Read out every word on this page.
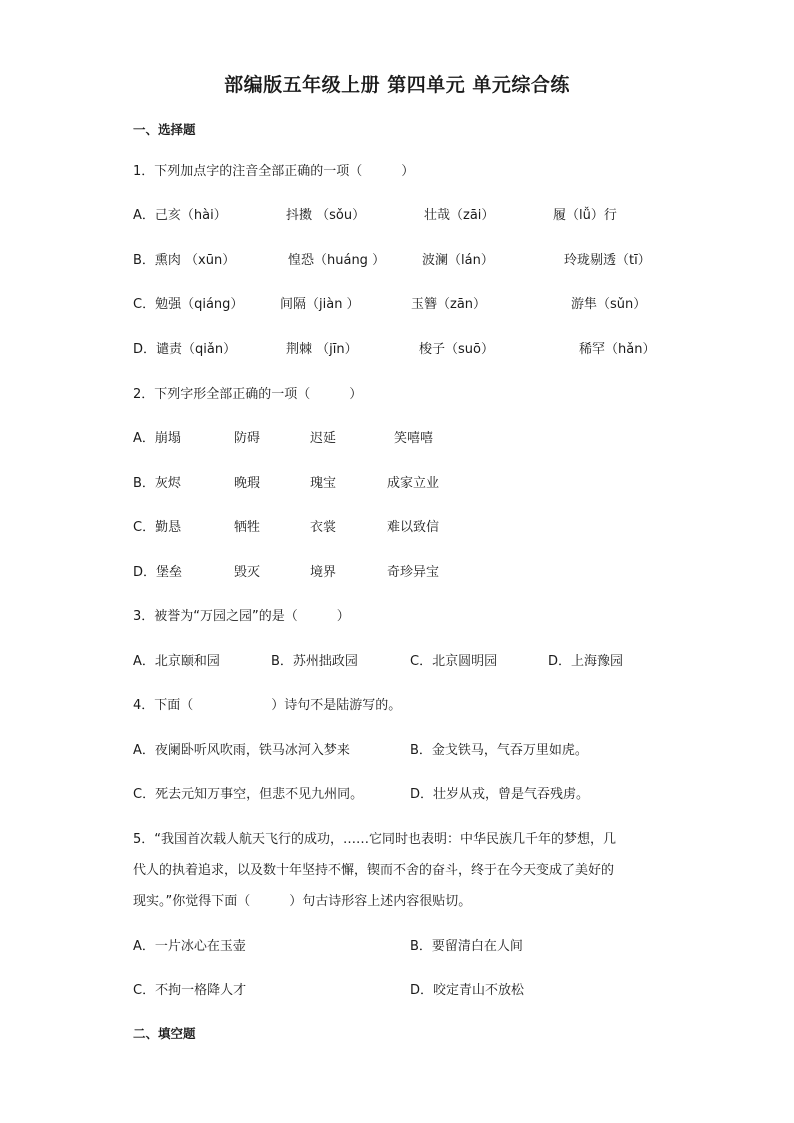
部编版五年级上册 第四单元 单元综合练
一、选择题
1．下列加点字的注音全部正确的一项（　　　）
A．己亥（hài）	抖擞 （sǒu）	壮哉（zāi）	履（lǚ）行
B．熏肉 （xūn）	惶恐（huáng ）	波澜（lán）	玲珑剔透（tī）
C．勉强（qiáng）	间隔（jiàn ）	玉簪（zān）	游隼（sǔn）
D．谴责（qiǎn）	荆棘 （jīn）	梭子（suō）	稀罕（hǎn）
2．下列字形全部正确的一项（　　　）
A．崩塌	防碍	迟延	笑嘻嘻
B．灰烬	晚瑕	瑰宝	成家立业
C．勤恳	牺牲	衣裳	难以致信
D．堡垒	毁灭	境界	奇珍异宝
3．被誉为“万园之园”的是（　　　）
A．北京颐和园	B．苏州拙政园	C．北京圆明园	D．上海豫园
4．下面（　　　　　　）诗句不是陆游写的。
A．夜阑卧听风吹雨，铁马冰河入梦来	B．金戈铁马，气吞万里如虎。
C．死去元知万事空，但悲不见九州同。	D．壮岁从戎，曾是气吞残虏。
5．“我国首次载人航天飞行的成功，……它同时也表明：中华民族几千年的梦想，几
代人的执着追求，以及数十年坚持不懈，锲而不舍的奋斗，终于在今天变成了美好的
现实。”你觉得下面（　　　）句古诗形容上述内容很贴切。
A．一片冰心在玉壶	B．要留清白在人间
C．不拘一格降人才	D．咬定青山不放松
二、填空题
